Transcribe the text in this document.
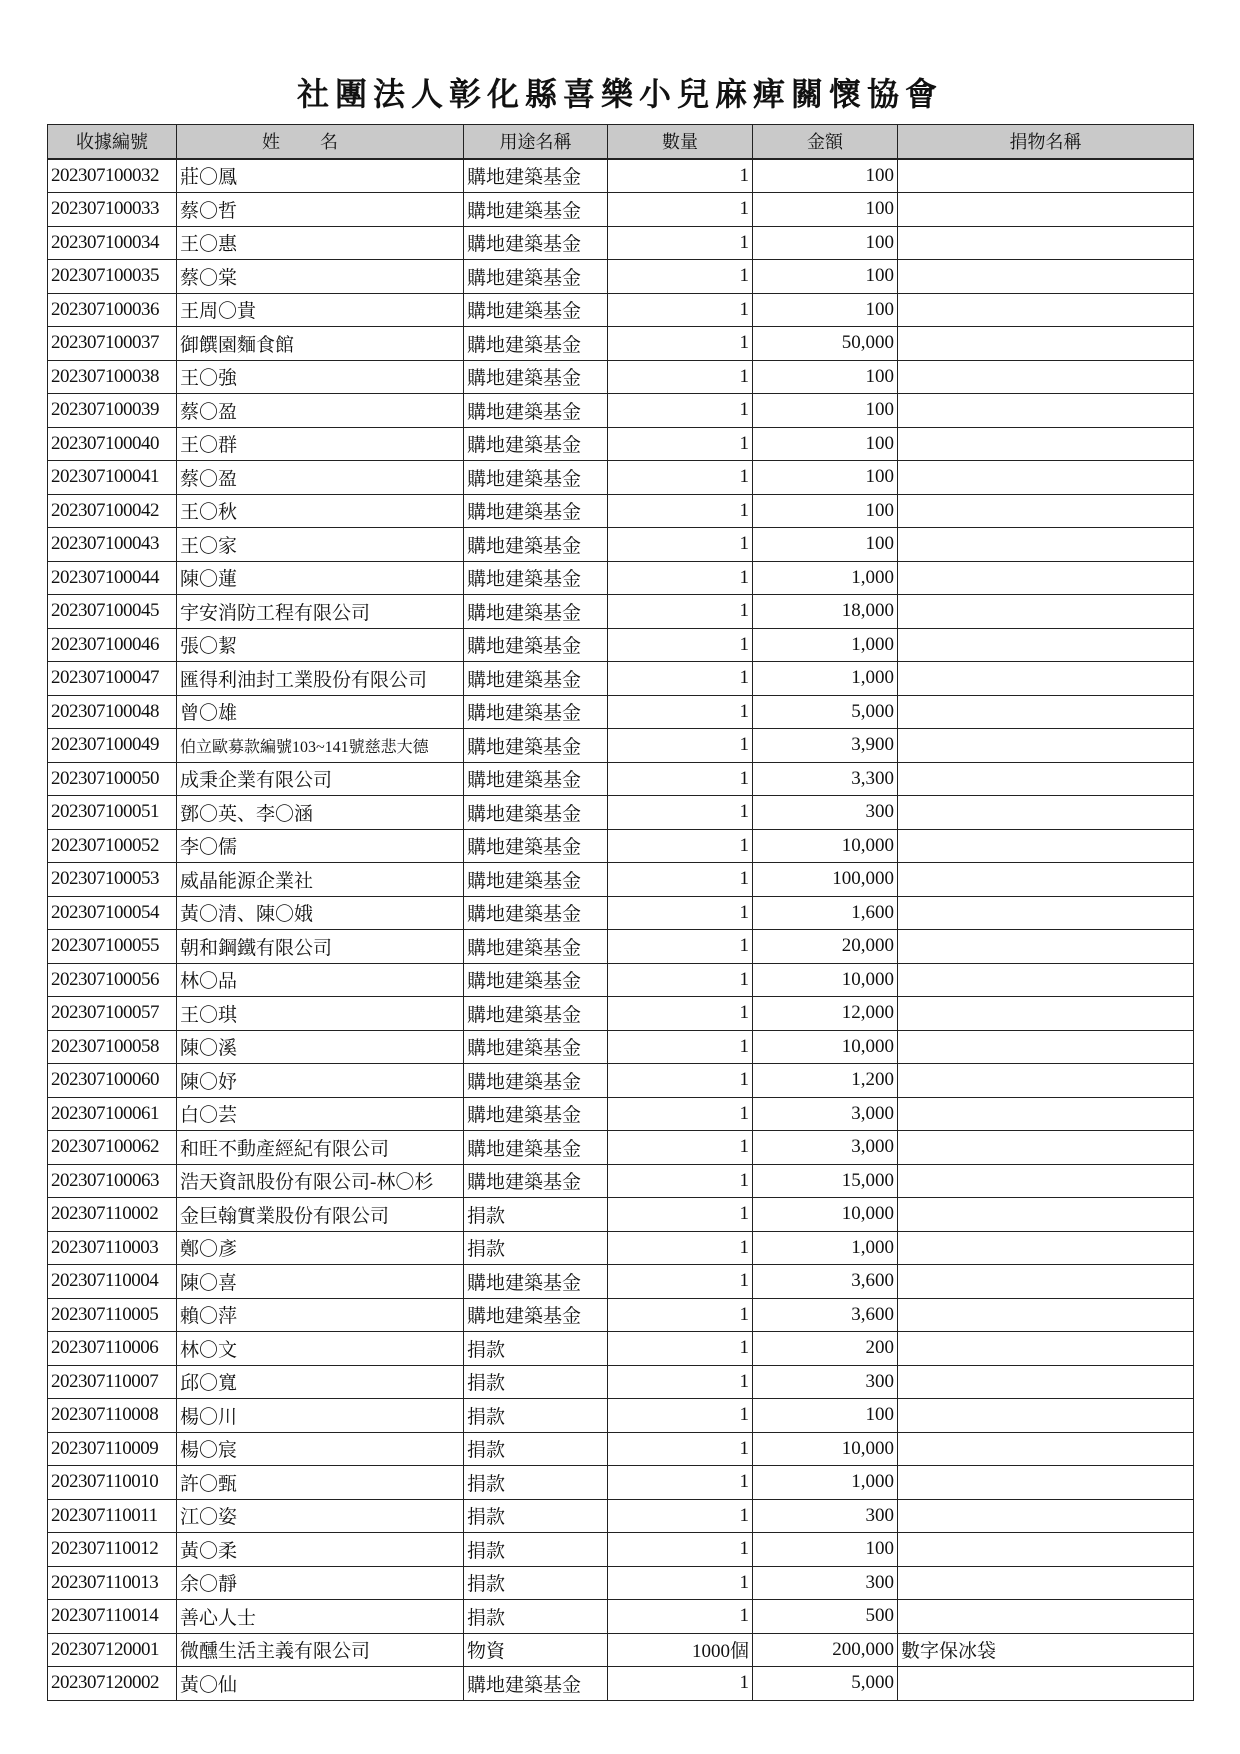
社團法人彰化縣喜樂小兒麻痺關懷協會
收據編號	姓名	用途名稱	數量	金額	捐物名稱
202307100032	莊〇鳳	購地建築基金	1	100	
202307100033	蔡〇哲	購地建築基金	1	100	
202307100034	王〇惠	購地建築基金	1	100	
202307100035	蔡〇棠	購地建築基金	1	100	
202307100036	王周〇貴	購地建築基金	1	100	
202307100037	御饌園麵食館	購地建築基金	1	50,000	
202307100038	王〇強	購地建築基金	1	100	
202307100039	蔡〇盈	購地建築基金	1	100	
202307100040	王〇群	購地建築基金	1	100	
202307100041	蔡〇盈	購地建築基金	1	100	
202307100042	王〇秋	購地建築基金	1	100	
202307100043	王〇家	購地建築基金	1	100	
202307100044	陳〇蓮	購地建築基金	1	1,000	
202307100045	宇安消防工程有限公司	購地建築基金	1	18,000	
202307100046	張〇絜	購地建築基金	1	1,000	
202307100047	匯得利油封工業股份有限公司	購地建築基金	1	1,000	
202307100048	曾〇雄	購地建築基金	1	5,000	
202307100049	伯立歐募款編號103~141號慈悲大德	購地建築基金	1	3,900	
202307100050	成秉企業有限公司	購地建築基金	1	3,300	
202307100051	鄧〇英、李〇涵	購地建築基金	1	300	
202307100052	李〇儒	購地建築基金	1	10,000	
202307100053	威晶能源企業社	購地建築基金	1	100,000	
202307100054	黃〇清、陳〇娥	購地建築基金	1	1,600	
202307100055	朝和鋼鐵有限公司	購地建築基金	1	20,000	
202307100056	林〇品	購地建築基金	1	10,000	
202307100057	王〇琪	購地建築基金	1	12,000	
202307100058	陳〇溪	購地建築基金	1	10,000	
202307100060	陳〇妤	購地建築基金	1	1,200	
202307100061	白〇芸	購地建築基金	1	3,000	
202307100062	和旺不動產經紀有限公司	購地建築基金	1	3,000	
202307100063	浩天資訊股份有限公司-林〇杉	購地建築基金	1	15,000	
202307110002	金巨翰實業股份有限公司	捐款	1	10,000	
202307110003	鄭〇彥	捐款	1	1,000	
202307110004	陳〇喜	購地建築基金	1	3,600	
202307110005	賴〇萍	購地建築基金	1	3,600	
202307110006	林〇文	捐款	1	200	
202307110007	邱〇寬	捐款	1	300	
202307110008	楊〇川	捐款	1	100	
202307110009	楊〇宸	捐款	1	10,000	
202307110010	許〇甄	捐款	1	1,000	
202307110011	江〇姿	捐款	1	300	
202307110012	黃〇柔	捐款	1	100	
202307110013	余〇靜	捐款	1	300	
202307110014	善心人士	捐款	1	500	
202307120001	微醺生活主義有限公司	物資	1000個	200,000	數字保冰袋
202307120002	黃〇仙	購地建築基金	1	5,000	
